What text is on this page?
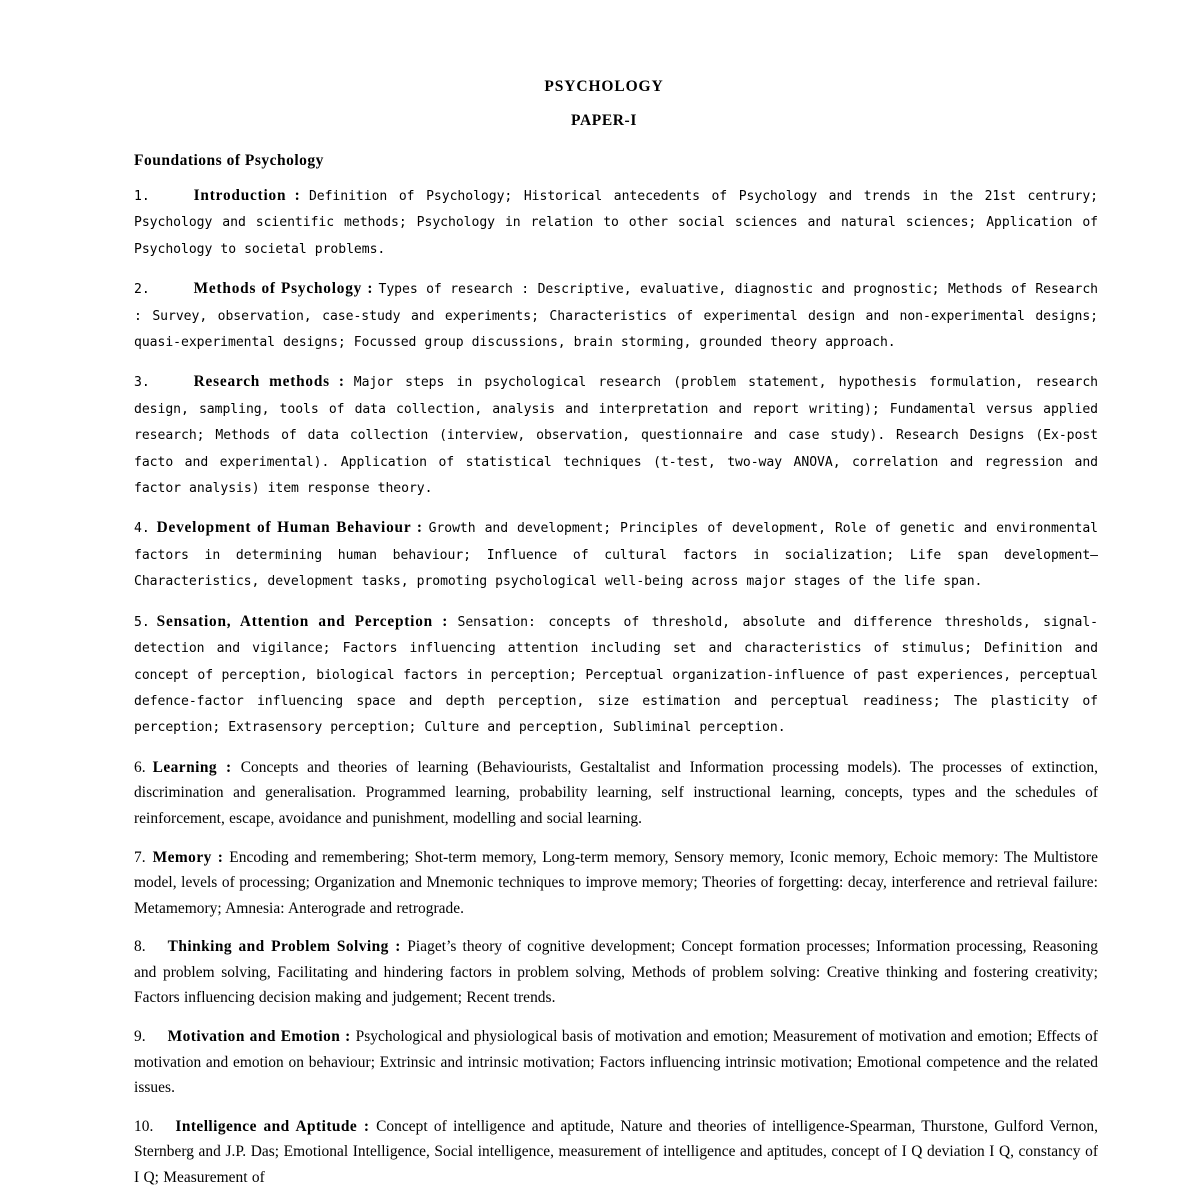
PSYCHOLOGY
PAPER-I
Foundations of Psychology

1.	Introduction : Definition of Psychology; Historical antecedents of Psychology and trends in the 21st centrury; Psychology and scientific methods; Psychology in relation to other social sciences and natural sciences; Application of Psychology to societal problems.

2.	Methods of Psychology : Types of research : Descriptive, evaluative, diagnostic and prognostic; Methods of Research : Survey, observation, case-study and experiments; Characteristics of experimental design and non-experimental designs; quasi-experimental designs; Focussed group discussions, brain storming, grounded theory approach.

3.	Research methods : Major steps in psychological research (problem statement, hypothesis formulation, research design, sampling, tools of data collection, analysis and interpretation and report writing); Fundamental versus applied research; Methods of data collection (interview, observation, questionnaire and case study). Research Designs (Ex-post facto and experimental). Application of statistical techniques (t-test, two-way ANOVA, correlation and regression and factor analysis) item response theory.

4. Development of Human Behaviour : Growth and development; Principles of development, Role of genetic and environmental factors in determining human behaviour; Influence of cultural factors in socialization; Life span development—Characteristics, development tasks, promoting psychological well-being across major stages of the life span.

5. Sensation, Attention and Perception : Sensation: concepts of threshold, absolute and difference thresholds, signal-detection and vigilance; Factors influencing attention including set and characteristics of stimulus; Definition and concept of perception, biological factors in perception; Perceptual organization-influence of past experiences, perceptual defence-factor influencing space and depth perception, size estimation and perceptual readiness; The plasticity of perception; Extrasensory perception; Culture and perception, Subliminal perception.

6. Learning : Concepts and theories of learning (Behaviourists, Gestaltalist and Information processing models). The processes of extinction, discrimination and generalisation. Programmed learning, probability learning, self instructional learning, concepts, types and the schedules of reinforcement, escape, avoidance and punishment, modelling and social learning.

7. Memory : Encoding and remembering; Shot-term memory, Long-term memory, Sensory memory, Iconic memory, Echoic memory: The Multistore model, levels of processing; Organization and Mnemonic techniques to improve memory; Theories of forgetting: decay, interference and retrieval failure: Metamemory; Amnesia: Anterograde and retrograde.

8. Thinking and Problem Solving : Piaget’s theory of cognitive development; Concept formation processes; Information processing, Reasoning and problem solving, Facilitating and hindering factors in problem solving, Methods of problem solving: Creative thinking and fostering creativity; Factors influencing decision making and judgement; Recent trends.

9. Motivation and Emotion : Psychological and physiological basis of motivation and emotion; Measurement of motivation and emotion; Effects of motivation and emotion on behaviour; Extrinsic and intrinsic motivation; Factors influencing intrinsic motivation; Emotional competence and the related issues.

10. Intelligence and Aptitude : Concept of intelligence and aptitude, Nature and theories of intelligence-Spearman, Thurstone, Gulford Vernon, Sternberg and J.P. Das; Emotional Intelligence, Social intelligence, measurement of intelligence and aptitudes, concept of I Q deviation I Q, constancy of I Q; Measurement of
